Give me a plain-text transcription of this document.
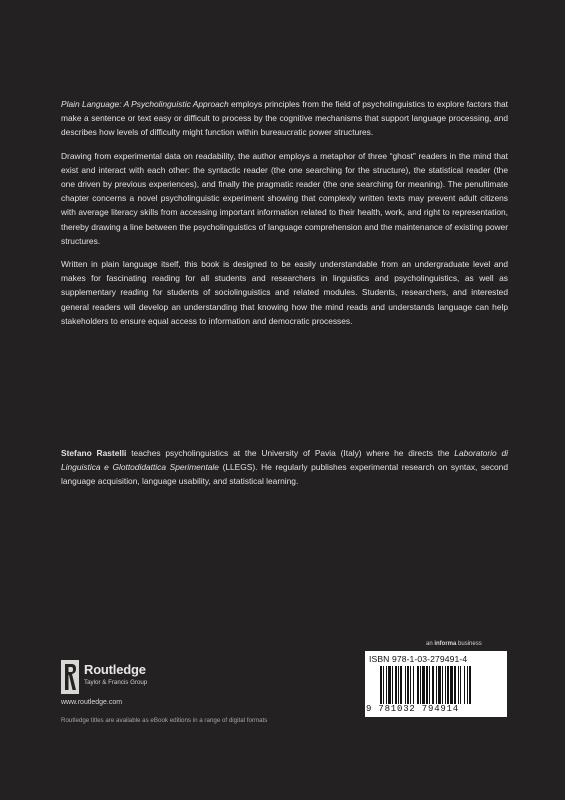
Plain Language: A Psycholinguistic Approach employs principles from the field of psycholinguistics to explore factors that make a sentence or text easy or difficult to process by the cognitive mechanisms that support language processing, and describes how levels of difficulty might function within bureaucratic power structures.

Drawing from experimental data on readability, the author employs a metaphor of three “ghost” readers in the mind that exist and interact with each other: the syntactic reader (the one searching for the structure), the statistical reader (the one driven by previous experiences), and finally the pragmatic reader (the one searching for meaning). The penultimate chapter concerns a novel psycholinguistic experiment showing that complexly written texts may prevent adult citizens with average literacy skills from accessing important information related to their health, work, and right to representation, thereby drawing a line between the psycholinguistics of language comprehension and the maintenance of existing power structures.

Written in plain language itself, this book is designed to be easily understandable from an undergraduate level and makes for fascinating reading for all students and researchers in linguistics and psycholinguistics, as well as supplementary reading for students of sociolinguistics and related modules. Students, researchers, and interested general readers will develop an understanding that knowing how the mind reads and understands language can help stakeholders to ensure equal access to information and democratic processes.

Stefano Rastelli teaches psycholinguistics at the University of Pavia (Italy) where he directs the Laboratorio di Linguistica e Glottodidattica Sperimentale (LLEGS). He regularly publishes experimental research on syntax, second language acquisition, language usability, and statistical learning.
Routledge
Taylor & Francis Group
www.routledge.com
Routledge titles are available as eBook editions in a range of digital formats
an informa business
ISBN 978-1-03-279491-4
9 781032 794914
